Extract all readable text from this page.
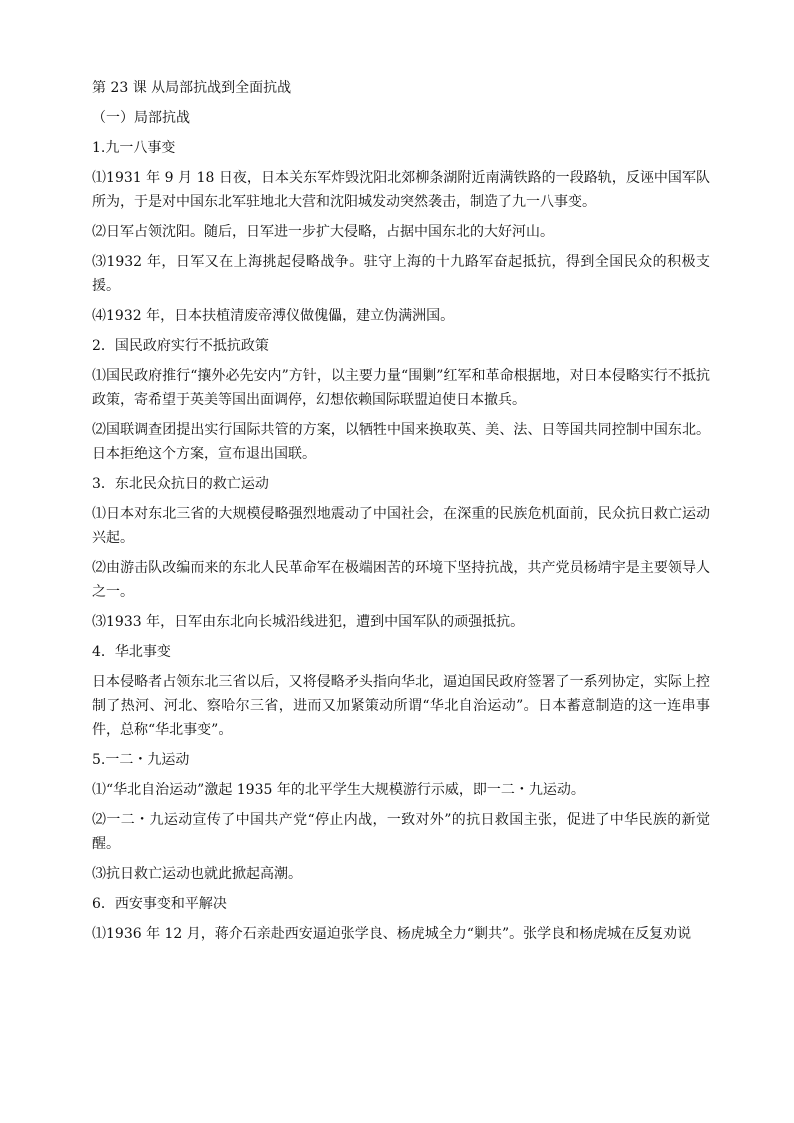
第 23 课 从局部抗战到全面抗战

（一）局部抗战

1.九一八事变

⑴1931 年 9 月 18 日夜，日本关东军炸毁沈阳北郊柳条湖附近南满铁路的一段路轨，反诬中国军队所为，于是对中国东北军驻地北大营和沈阳城发动突然袭击，制造了九一八事变。

⑵日军占领沈阳。随后，日军进一步扩大侵略，占据中国东北的大好河山。

⑶1932 年，日军又在上海挑起侵略战争。驻守上海的十九路军奋起抵抗，得到全国民众的积极支援。

⑷1932 年，日本扶植清废帝溥仪做傀儡，建立伪满洲国。

2．国民政府实行不抵抗政策

⑴国民政府推行“攘外必先安内”方针，以主要力量“围剿”红军和革命根据地，对日本侵略实行不抵抗政策，寄希望于英美等国出面调停，幻想依赖国际联盟迫使日本撤兵。

⑵国联调查团提出实行国际共管的方案，以牺牲中国来换取英、美、法、日等国共同控制中国东北。日本拒绝这个方案，宣布退出国联。

3．东北民众抗日的救亡运动

⑴日本对东北三省的大规模侵略强烈地震动了中国社会，在深重的民族危机面前，民众抗日救亡运动兴起。

⑵由游击队改编而来的东北人民革命军在极端困苦的环境下坚持抗战，共产党员杨靖宇是主要领导人之一。

⑶1933 年，日军由东北向长城沿线进犯，遭到中国军队的顽强抵抗。

4．华北事变

日本侵略者占领东北三省以后，又将侵略矛头指向华北，逼迫国民政府签署了一系列协定，实际上控制了热河、河北、察哈尔三省，进而又加紧策动所谓“华北自治运动”。日本蓄意制造的这一连串事件，总称“华北事变”。

5.一二・九运动

⑴“华北自治运动”激起 1935 年的北平学生大规模游行示威，即一二・九运动。

⑵一二・九运动宣传了中国共产党“停止内战，一致对外”的抗日救国主张，促进了中华民族的新觉醒。

⑶抗日救亡运动也就此掀起高潮。

6．西安事变和平解决

⑴1936 年 12 月，蒋介石亲赴西安逼迫张学良、杨虎城全力“剿共”。张学良和杨虎城在反复劝说
